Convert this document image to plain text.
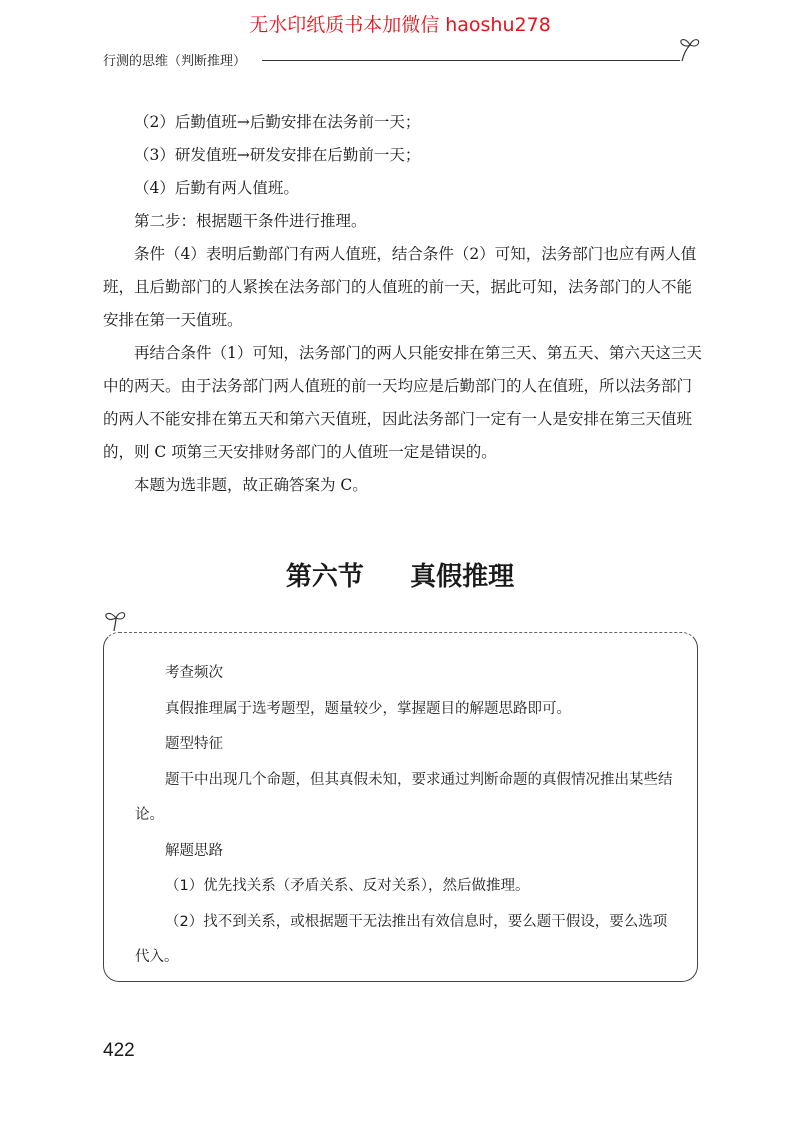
无水印纸质书本加微信 haoshu278
行测的思维（判断推理）

（2）后勤值班→后勤安排在法务前一天；

（3）研发值班→研发安排在后勤前一天；

（4）后勤有两人值班。

第二步：根据题干条件进行推理。

条件（4）表明后勤部门有两人值班，结合条件（2）可知，法务部门也应有两人值班，且后勤部门的人紧挨在法务部门的人值班的前一天，据此可知，法务部门的人不能安排在第一天值班。

再结合条件（1）可知，法务部门的两人只能安排在第三天、第五天、第六天这三天中的两天。由于法务部门两人值班的前一天均应是后勤部门的人在值班，所以法务部门的两人不能安排在第五天和第六天值班，因此法务部门一定有一人是安排在第三天值班的，则 C 项第三天安排财务部门的人值班一定是错误的。

本题为选非题，故正确答案为 C。

第六节 真假推理

考查频次

真假推理属于选考题型，题量较少，掌握题目的解题思路即可。

题型特征

题干中出现几个命题，但其真假未知，要求通过判断命题的真假情况推出某些结论。

解题思路

（1）优先找关系（矛盾关系、反对关系），然后做推理。

（2）找不到关系，或根据题干无法推出有效信息时，要么题干假设，要么选项代入。

422
